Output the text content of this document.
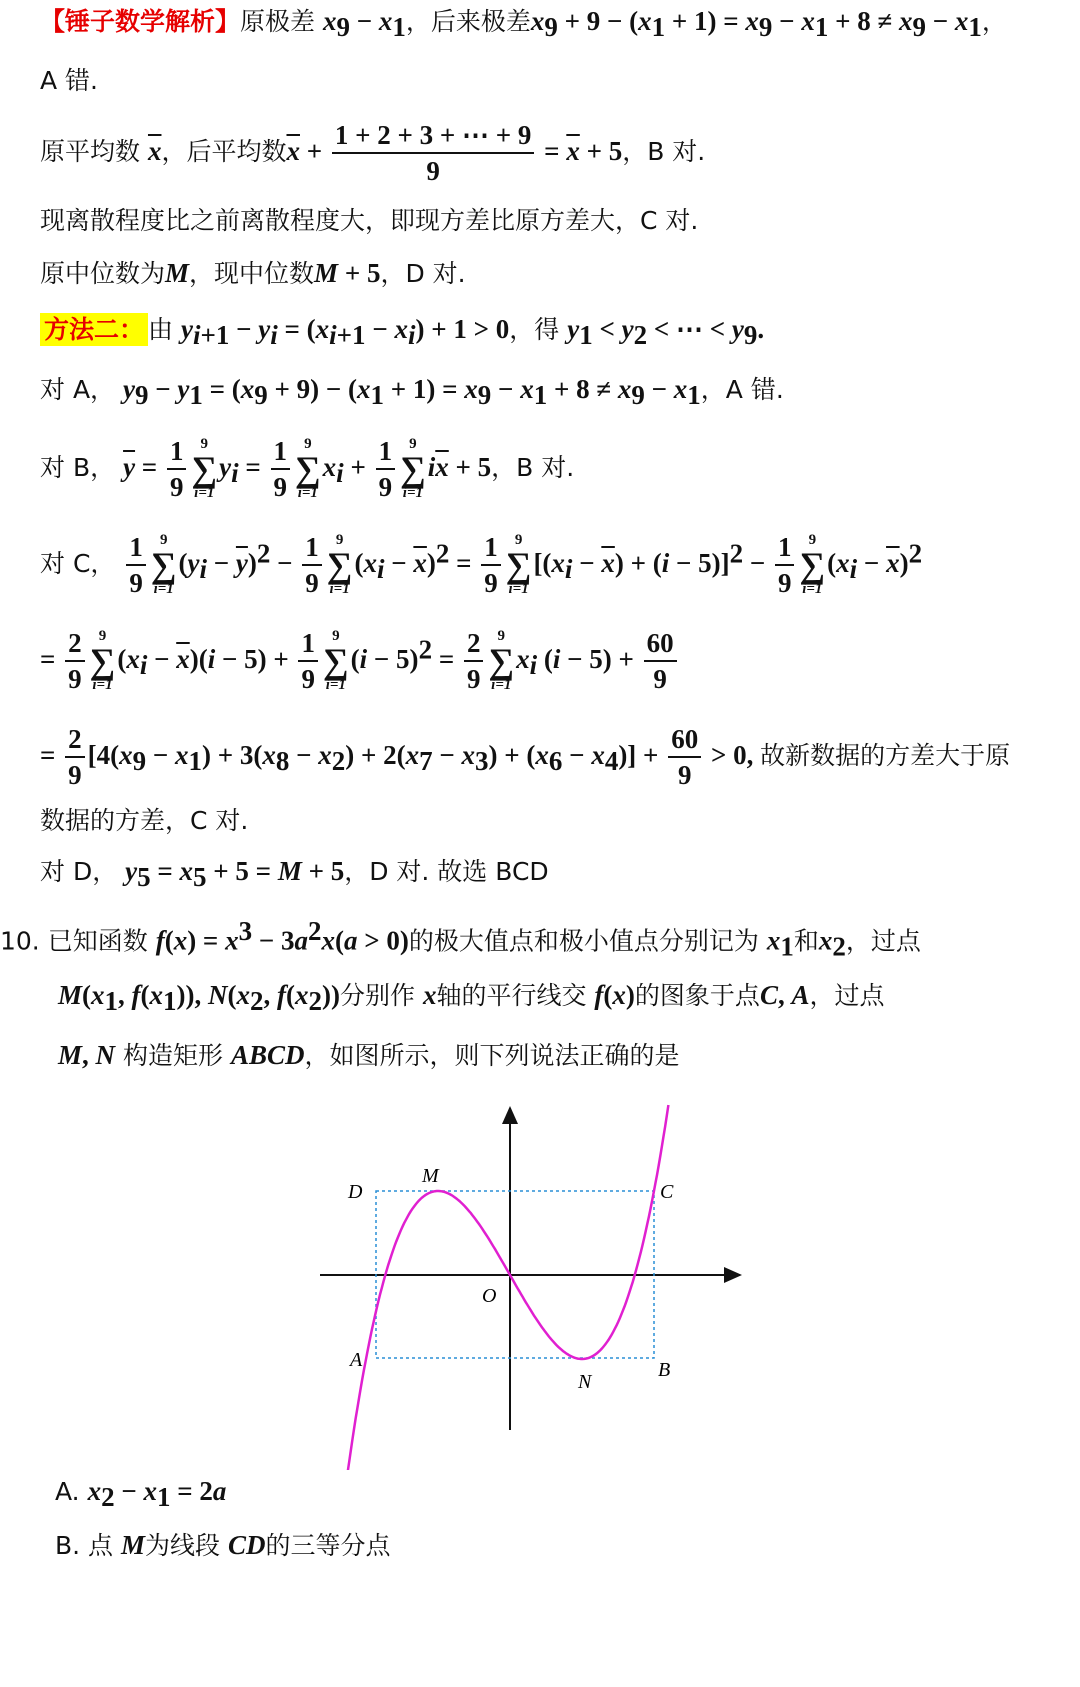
【锤子数学解析】原极差 $x_9 - x_1$，后来极差$x_9 + 9 - (x_1 + 1) = x_9 - x_1 + 8 \ne x_9 - x_1$，
A 错.
原平均数 $\overline{x}$，后平均数$\overline{x} + \frac{1 + 2 + 3 + \cdots + 9}{9} = \overline{x} + 5$，B 对.
现离散程度比之前离散程度大，即现方差比原方差大，C 对.
原中位数为M，现中位数M + 5，D 对.
方法二： 由 $y_{i+1} - y_i = (x_{i+1} - x_i) + 1 > 0$，得 $y_1 < y_2$ < ⋯ < $y_9$.
对 A， $y_9 - y_1 = (x_9 + 9) - (x_1 + 1) = x_9 - x_1 + 8 \ne x_9 - x_1$，A 错.
对 B， $\overline{y} = \frac{1}{9} 9$
∑
i=1
$y_i = \frac{1}{9} 9$
∑
i=1
$x_i + \frac{1}{9} 9$
∑
i=1
$i\overline{x} + 5$，B 对.
对 C， $\frac{1}{9} 9$
∑
i=1
$(y_i - \overline{y})^2 - \frac{1}{9} 9$
∑
i=1
$(x_i - \overline{x})^2 = \frac{1}{9} 9$
∑
i=1
$[(x_i - \overline{x}) + (i - 5)]^2 - \frac{1}{9} 9$
∑
i=1
$(x_i - \overline{x})^2$
= $\frac{2}{9} 9$
∑
i=1
$(x_i - \overline{x})(i - 5) + \frac{1}{9} 9$
∑
i=1
$(i - 5)^2 = \frac{2}{9} 9$
∑
i=1
$x_i$ $(i - 5) + \frac{60}{9}$
= $\frac{2}{9} [4(x_9 - x_1) + 3(x_8 - x_2) + 2(x_7 - x_3) + (x_6 - x_4)] + \frac{60}{9} > 0$, 故新数据的方差大于原
数据的方差，C 对.
对 D， $y_5 = x_5 + 5 = M + 5$，D 对. 故选 BCD
10. 已知函数 $f(x) = x^3 - 3a^2x(a > 0)$的极大值点和极小值点分别记为 $x_1$和$x_2$，过点
$M(x_1$, $f(x_1)$), $N(x_2$, $f(x_2)$)分别作 x轴的平行线交 f(x)的图象于点C, A，过点
M, N 构造矩形 ABCD，如图所示，则下列说法正确的是
D
M
C
O
A	B
N
A. $x_2 - x_1 = 2a$
B. 点 M为线段 CD的三等分点
